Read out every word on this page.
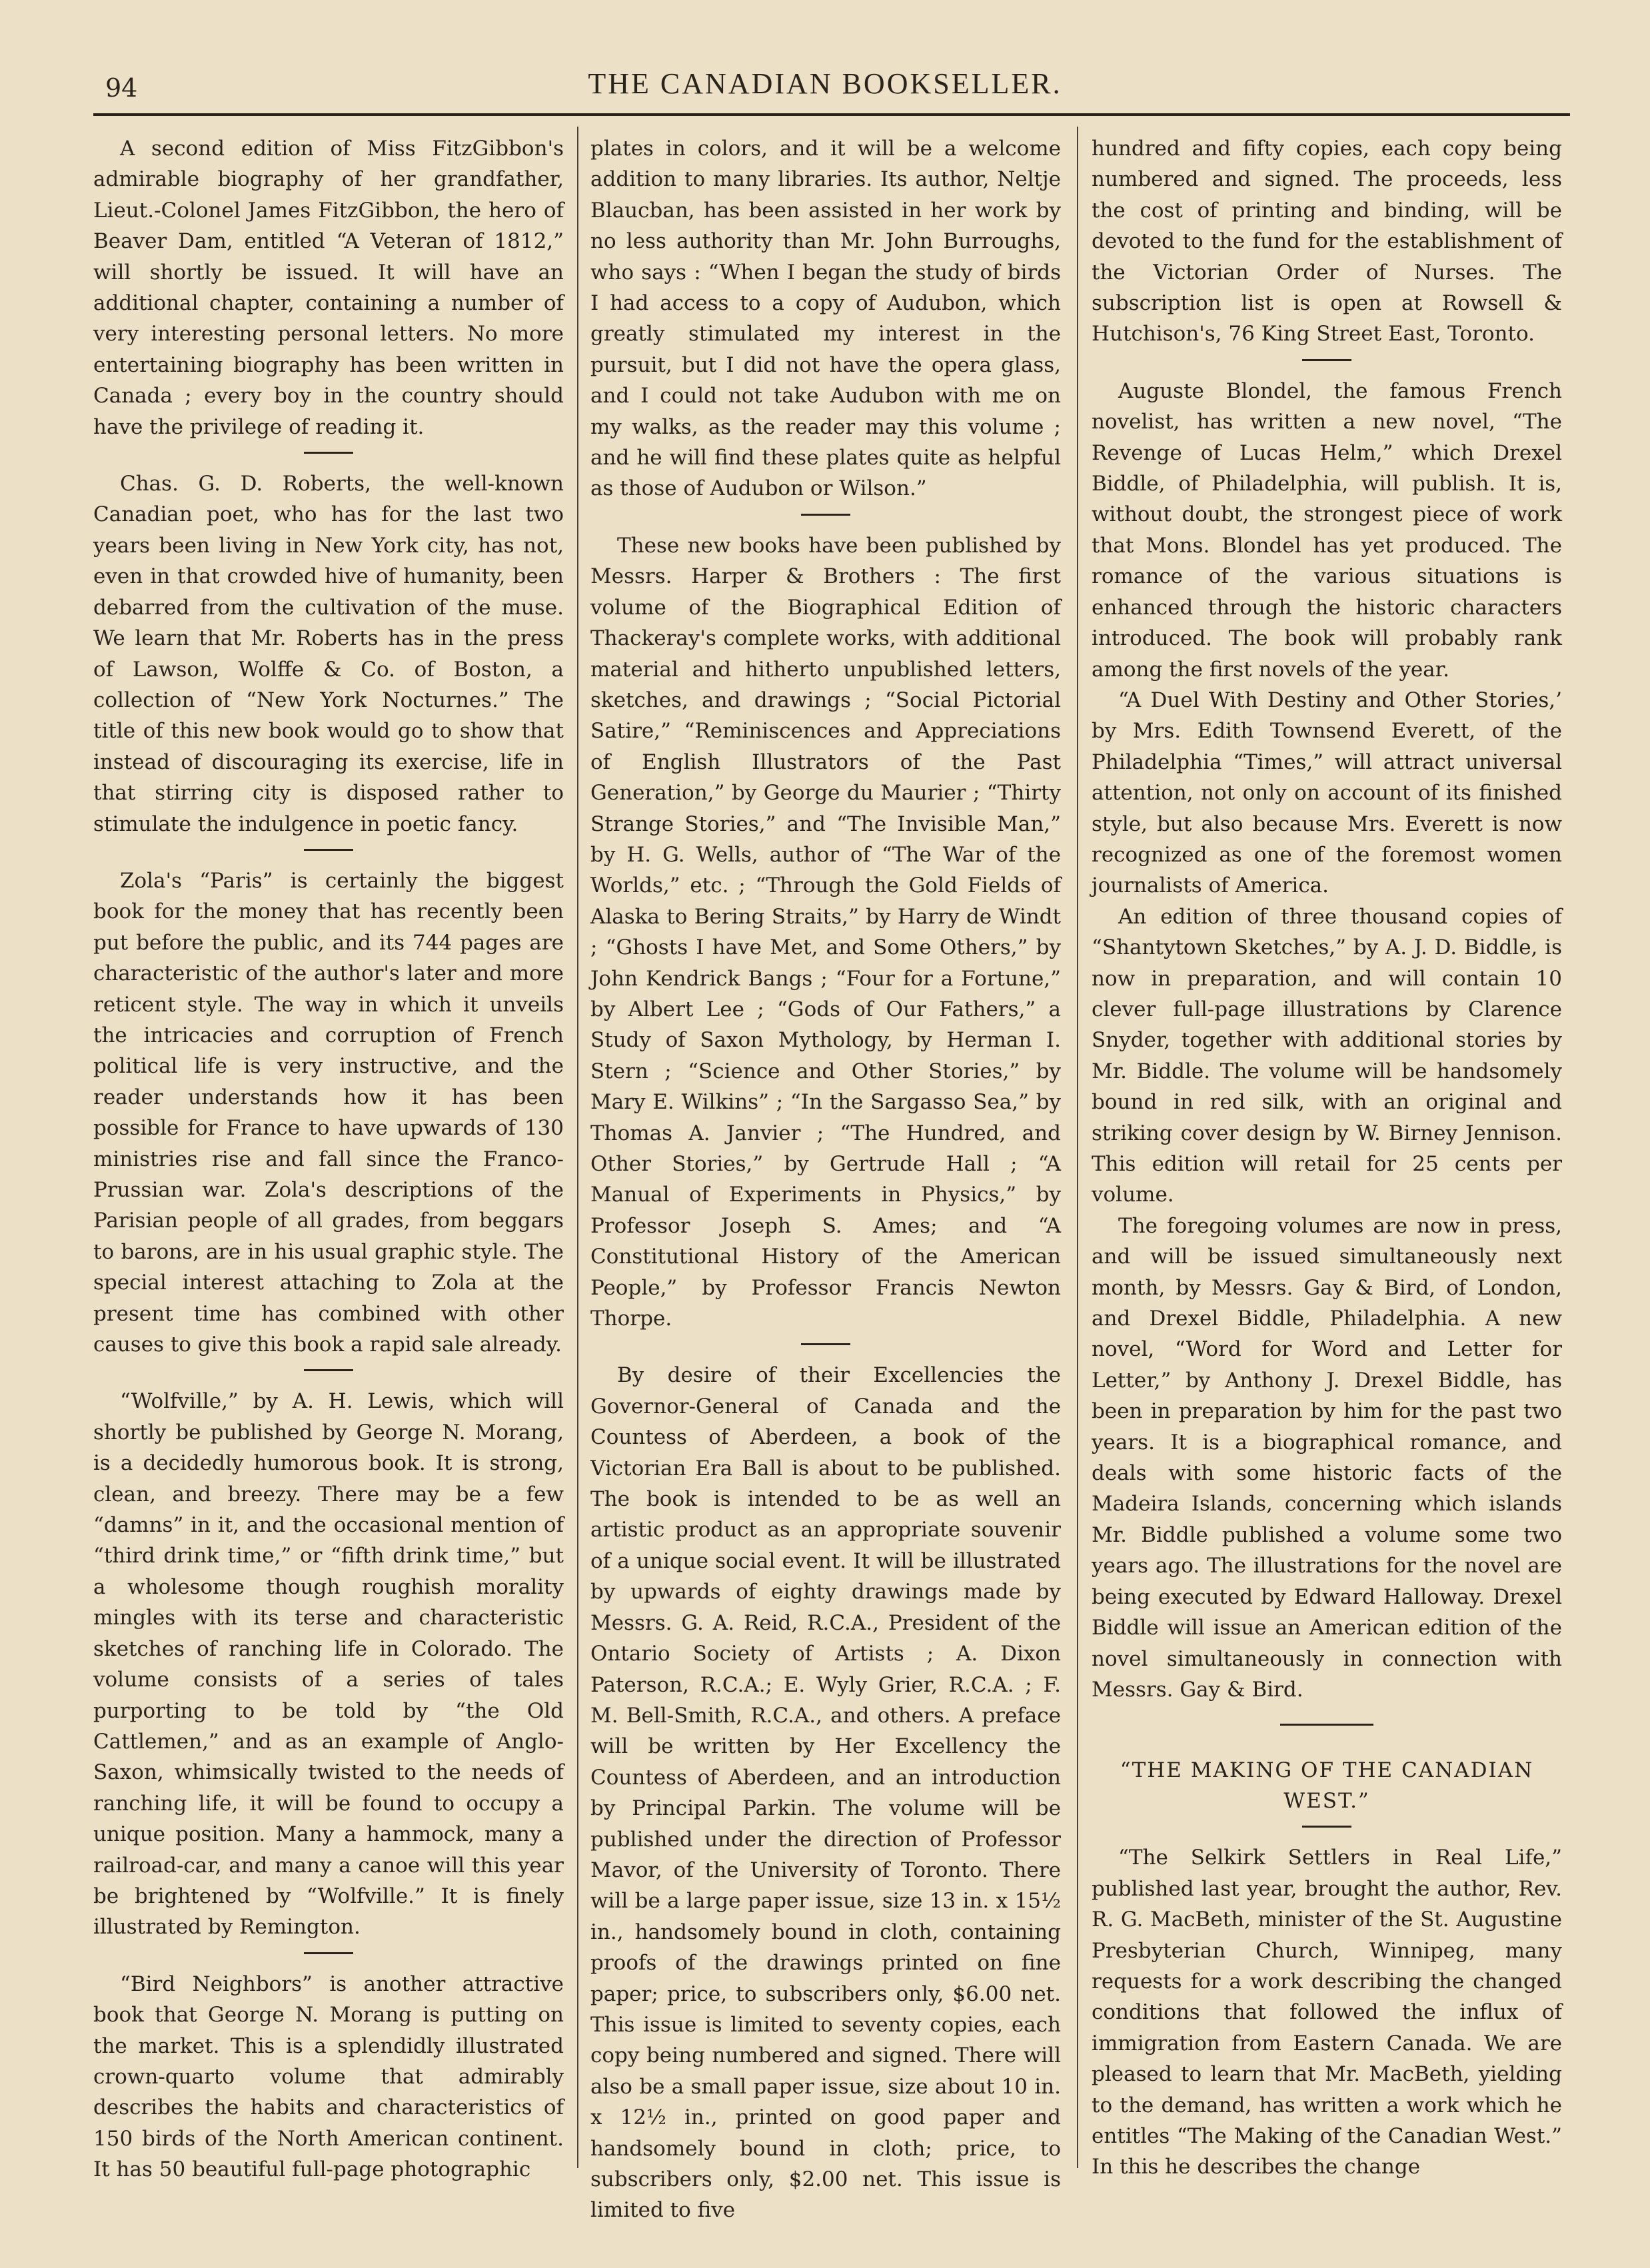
94	THE CANADIAN BOOKSELLER.

A second edition of Miss FitzGibbon's admirable biography of her grandfather, Lieut.-Colonel James FitzGibbon, the hero of Beaver Dam, entitled “A Veteran of 1812,” will shortly be issued. It will have an additional chapter, containing a number of very interesting personal letters. No more entertaining biography has been written in Canada ; every boy in the country should have the privilege of reading it.

Chas. G. D. Roberts, the well-known Canadian poet, who has for the last two years been living in New York city, has not, even in that crowded hive of humanity, been debarred from the cultivation of the muse. We learn that Mr. Roberts has in the press of Lawson, Wolffe & Co. of Boston, a collection of “New York Nocturnes.” The title of this new book would go to show that instead of discouraging its exercise, life in that stirring city is disposed rather to stimulate the indulgence in poetic fancy.

Zola's “Paris” is certainly the biggest book for the money that has recently been put before the public, and its 744 pages are characteristic of the author's later and more reticent style. The way in which it unveils the intricacies and corruption of French political life is very instructive, and the reader understands how it has been possible for France to have upwards of 130 ministries rise and fall since the Franco-Prussian war. Zola's descriptions of the Parisian people of all grades, from beggars to barons, are in his usual graphic style. The special interest attaching to Zola at the present time has combined with other causes to give this book a rapid sale already.

“Wolfville,” by A. H. Lewis, which will shortly be published by George N. Morang, is a decidedly humorous book. It is strong, clean, and breezy. There may be a few “damns” in it, and the occasional mention of “third drink time,” or “fifth drink time,” but a wholesome though roughish morality mingles with its terse and characteristic sketches of ranching life in Colorado. The volume consists of a series of tales purporting to be told by “the Old Cattlemen,” and as an example of Anglo-Saxon, whimsically twisted to the needs of ranching life, it will be found to occupy a unique position. Many a hammock, many a railroad-car, and many a canoe will this year be brightened by “Wolfville.” It is finely illustrated by Remington.

“Bird Neighbors” is another attractive book that George N. Morang is putting on the market. This is a splendidly illustrated crown-quarto volume that admirably describes the habits and characteristics of 150 birds of the North American continent. It has 50 beautiful full-page photographic

plates in colors, and it will be a welcome addition to many libraries. Its author, Neltje Blaucban, has been assisted in her work by no less authority than Mr. John Burroughs, who says : “When I began the study of birds I had access to a copy of Audubon, which greatly stimulated my interest in the pursuit, but I did not have the opera glass, and I could not take Audubon with me on my walks, as the reader may this volume ; and he will find these plates quite as helpful as those of Audubon or Wilson.”

These new books have been published by Messrs. Harper & Brothers : The first volume of the Biographical Edition of Thackeray's complete works, with additional material and hitherto unpublished letters, sketches, and drawings ; “Social Pictorial Satire,” “Reminiscences and Appreciations of English Illustrators of the Past Generation,” by George du Maurier ; “Thirty Strange Stories,” and “The Invisible Man,” by H. G. Wells, author of “The War of the Worlds,” etc. ; “Through the Gold Fields of Alaska to Bering Straits,” by Harry de Windt ; “Ghosts I have Met, and Some Others,” by John Kendrick Bangs ; “Four for a Fortune,” by Albert Lee ; “Gods of Our Fathers,” a Study of Saxon Mythology, by Herman I. Stern ; “Science and Other Stories,” by Mary E. Wilkins” ; “In the Sargasso Sea,” by Thomas A. Janvier ; “The Hundred, and Other Stories,” by Gertrude Hall ; “A Manual of Experiments in Physics,” by Professor Joseph S. Ames; and “A Constitutional History of the American People,” by Professor Francis Newton Thorpe.

By desire of their Excellencies the Governor-General of Canada and the Countess of Aberdeen, a book of the Victorian Era Ball is about to be published. The book is intended to be as well an artistic product as an appropriate souvenir of a unique social event. It will be illustrated by upwards of eighty drawings made by Messrs. G. A. Reid, R.C.A., President of the Ontario Society of Artists ; A. Dixon Paterson, R.C.A.; E. Wyly Grier, R.C.A. ; F. M. Bell-Smith, R.C.A., and others. A preface will be written by Her Excellency the Countess of Aberdeen, and an introduction by Principal Parkin. The volume will be published under the direction of Professor Mavor, of the University of Toronto. There will be a large paper issue, size 13 in. x 15½ in., handsomely bound in cloth, containing proofs of the drawings printed on fine paper; price, to subscribers only, $6.00 net. This issue is limited to seventy copies, each copy being numbered and signed. There will also be a small paper issue, size about 10 in. x 12½ in., printed on good paper and handsomely bound in cloth; price, to subscribers only, $2.00 net. This issue is limited to five

hundred and fifty copies, each copy being numbered and signed. The proceeds, less the cost of printing and binding, will be devoted to the fund for the establishment of the Victorian Order of Nurses. The subscription list is open at Rowsell & Hutchison's, 76 King Street East, Toronto.

Auguste Blondel, the famous French novelist, has written a new novel, “The Revenge of Lucas Helm,” which Drexel Biddle, of Philadelphia, will publish. It is, without doubt, the strongest piece of work that Mons. Blondel has yet produced. The romance of the various situations is enhanced through the historic characters introduced. The book will probably rank among the first novels of the year.

“A Duel With Destiny and Other Stories,’ by Mrs. Edith Townsend Everett, of the Philadelphia “Times,” will attract universal attention, not only on account of its finished style, but also because Mrs. Everett is now recognized as one of the foremost women journalists of America.

An edition of three thousand copies of “Shantytown Sketches,” by A. J. D. Biddle, is now in preparation, and will contain 10 clever full-page illustrations by Clarence Snyder, together with additional stories by Mr. Biddle. The volume will be handsomely bound in red silk, with an original and striking cover design by W. Birney Jennison. This edition will retail for 25 cents per volume.

The foregoing volumes are now in press, and will be issued simultaneously next month, by Messrs. Gay & Bird, of London, and Drexel Biddle, Philadelphia. A new novel, “Word for Word and Letter for Letter,” by Anthony J. Drexel Biddle, has been in preparation by him for the past two years. It is a biographical romance, and deals with some historic facts of the Madeira Islands, concerning which islands Mr. Biddle published a volume some two years ago. The illustrations for the novel are being executed by Edward Halloway. Drexel Biddle will issue an American edition of the novel simultaneously in connection with Messrs. Gay & Bird.

“THE MAKING OF THE CANADIAN WEST.”

“The Selkirk Settlers in Real Life,” published last year, brought the author, Rev. R. G. MacBeth, minister of the St. Augustine Presbyterian Church, Winnipeg, many requests for a work describing the changed conditions that followed the influx of immigration from Eastern Canada. We are pleased to learn that Mr. MacBeth, yielding to the demand, has written a work which he entitles “The Making of the Canadian West.” In this he describes the change
